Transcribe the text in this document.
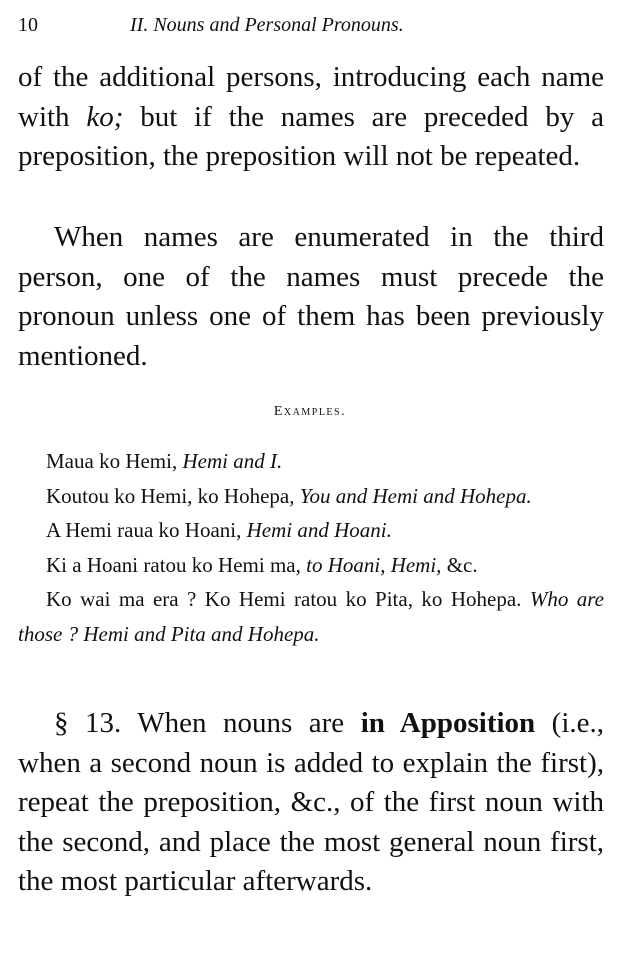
10	II. Nouns and Personal Pronouns.

of the additional persons, introducing each name with ko; but if the names are preceded by a preposition, the preposition will not be repeated.

When names are enumerated in the third person, one of the names must precede the pronoun unless one of them has been previously mentioned.

Examples.

Maua ko Hemi, Hemi and I.

Koutou ko Hemi, ko Hohepa, You and Hemi and Hohepa.

A Hemi raua ko Hoani, Hemi and Hoani.

Ki a Hoani ratou ko Hemi ma, to Hoani, Hemi, &c.

Ko wai ma era ? Ko Hemi ratou ko Pita, ko Hohepa. Who are those ? Hemi and Pita and Hohepa.

§ 13. When nouns are in Apposition (i.e., when a second noun is added to explain the first), repeat the preposition, &c., of the first noun with the second, and place the most general noun first, the most particular afterwards.
